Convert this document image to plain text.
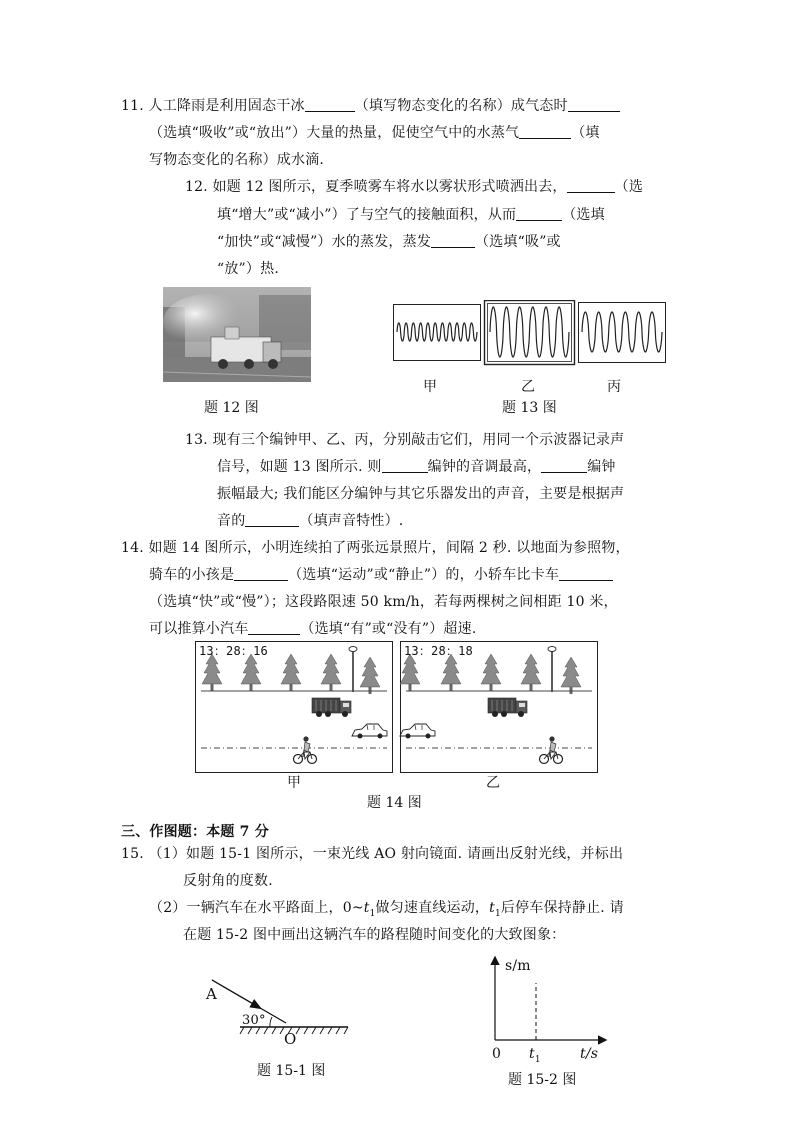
11. 人工降雨是利用固态干冰	（填写物态变化的名称）成气态时
（选填“吸收”或“放出”）大量的热量，促使空气中的水蒸气	（填
写物态变化的名称）成水滴.
12. 如题 12 图所示，夏季喷雾车将水以雾状形式喷洒出去，	（选
填“增大”或“减小”）了与空气的接触面积，从而	（选填
“加快”或“减慢”）水的蒸发，蒸发	（选填“吸”或
“放”）热.
题 12 图
甲	乙	丙
题 13 图
13. 现有三个编钟甲、乙、丙，分别敲击它们，用同一个示波器记录声
信号，如题 13 图所示. 则	编钟的音调最高，	编钟
振幅最大; 我们能区分编钟与其它乐器发出的声音，主要是根据声
音的	（填声音特性）.
14. 如题 14 图所示，小明连续拍了两张远景照片，间隔 2 秒. 以地面为参照物，
骑车的小孩是	（选填“运动”或“静止”）的，小轿车比卡车
（选填“快”或“慢”）；这段路限速 50 km/h，若每两棵树之间相距 10 米，
可以推算小汽车	（选填“有”或“没有”）超速.
13：28：16	13：28：18
甲	乙
题 14 图
三、作图题：本题 7 分
15. （1）如题 15-1 图所示，一束光线 AO 射向镜面. 请画出反射光线，并标出
反射角的度数.
（2）一辆汽车在水平路面上，$0\sim t_1$做匀速直线运动，$t_1$后停车保持静止. 请
在题 15-2 图中画出这辆汽车的路程随时间变化的大致图象：
A
O
30°
题 15-1 图
s/m
0 $t_1$	t/s
题 15-2 图
